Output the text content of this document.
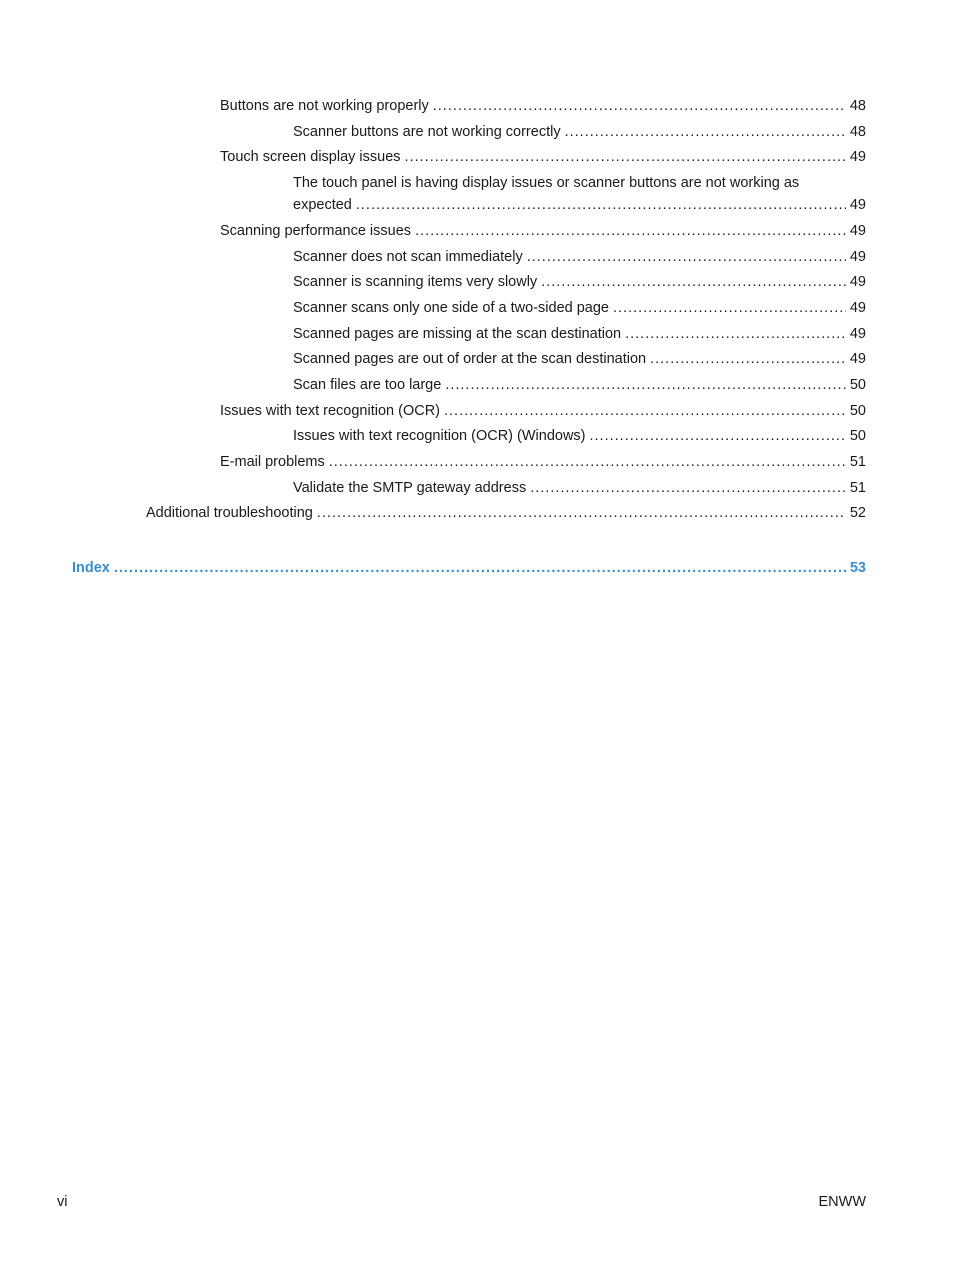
Buttons are not working properly .....	48
Scanner buttons are not working correctly .....	48
Touch screen display issues .....	49
The touch panel is having display issues or scanner buttons are not working as
expected .....	49
Scanning performance issues .....	49
Scanner does not scan immediately .....	49
Scanner is scanning items very slowly .....	49
Scanner scans only one side of a two-sided page .....	49
Scanned pages are missing at the scan destination .....	49
Scanned pages are out of order at the scan destination .....	49
Scan files are too large .....	50
Issues with text recognition (OCR) .....	50
Issues with text recognition (OCR) (Windows) .....	50
E-mail problems .....	51
Validate the SMTP gateway address .....	51
Additional troubleshooting .....	52
Index .....	53
vi	ENWW
